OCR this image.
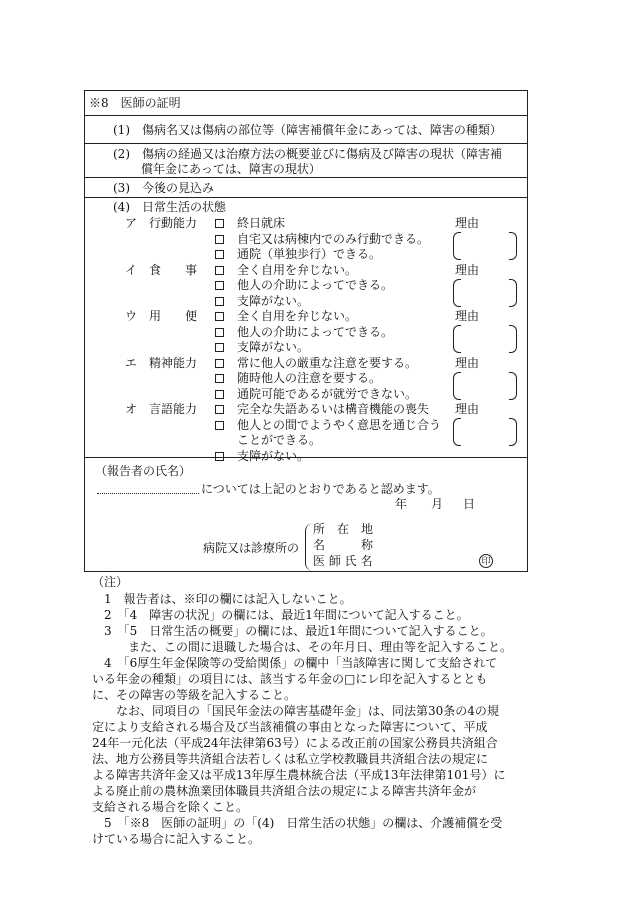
※8　医師の証明
(1)　傷病名又は傷病の部位等（障害補償年金にあっては、障害の種類）
(2)　傷病の経過又は治療方法の概要並びに傷病及び障害の現状（障害補
償年金にあっては、障害の現状）
(3)　今後の見込み
(4)　日常生活の状態
ア　行動能力	理由
終日就床
自宅又は病棟内でのみ行動できる。
通院（単独歩行）できる。
イ　食　　事	理由
全く自用を弁じない。
他人の介助によってできる。
支障がない。
ウ　用　　便	理由
全く自用を弁じない。
他人の介助によってできる。
支障がない。
エ　精神能力	理由
常に他人の厳重な注意を要する。
随時他人の注意を要する。
通院可能であるが就労できない。
オ　言語能力	理由
完全な失語あるいは構音機能の喪失
他人との間でようやく意思を通じ合う
ことができる。
支障がない。
（報告者の氏名）
については上記のとおりであると認めます。
年 月 日
病院又は診療所の
所　在　地
名　　　称
医 師 氏 名	印
（注）
1　報告者は、※印の欄には記入しないこと。
2　「4　障害の状況」の欄には、最近1年間について記入すること。
3　「5　日常生活の概要」の欄には、最近1年間について記入すること。
また、この間に退職した場合は、その年月日、理由等を記入すること。
4　「6厚生年金保険等の受給関係」の欄中「当該障害に関して支給されて
いる年金の種類」の項目には、該当する年金の□にレ印を記入するととも
に、その障害の等級を記入すること。
なお、同項目の「国民年金法の障害基礎年金」は、同法第30条の4の規
定により支給される場合及び当該補償の事由となった障害について、平成
24年一元化法（平成24年法律第63号）による改正前の国家公務員共済組合
法、地方公務員等共済組合法若しくは私立学校教職員共済組合法の規定に
よる障害共済年金又は平成13年厚生農林統合法（平成13年法律第101号）に
よる廃止前の農林漁業団体職員共済組合法の規定による障害共済年金が
支給される場合を除くこと。
5　「※8　医師の証明」の「(4)　日常生活の状態」の欄は、介護補償を受
けている場合に記入すること。
